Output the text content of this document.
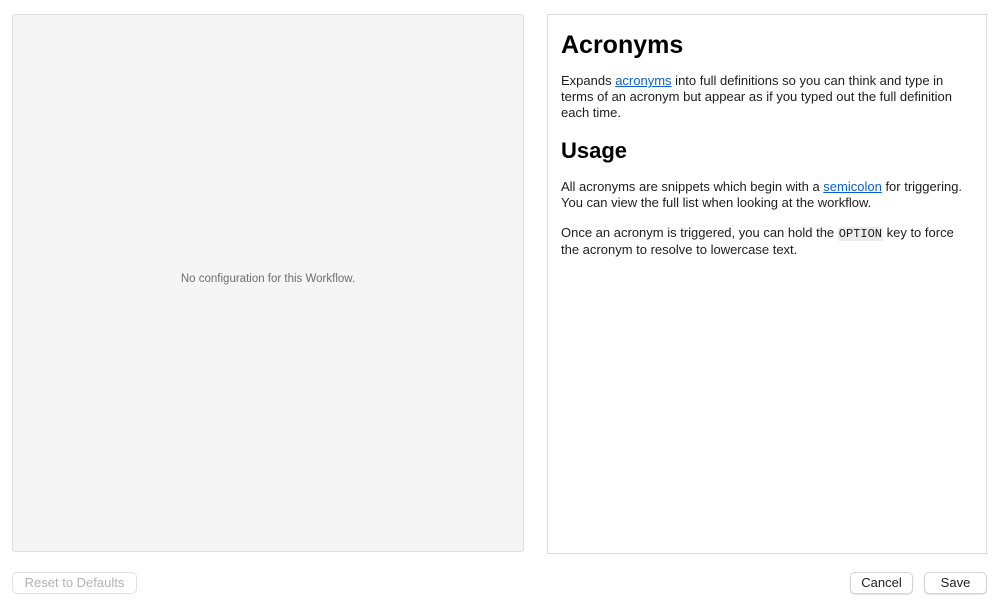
No configuration for this Workflow.
Acronyms

Expands acronyms into full definitions so you can think and type in terms of an acronym but appear as if you typed out the full definition each time.

Usage

All acronyms are snippets which begin with a semicolon for triggering. You can view the full list when looking at the workflow.

Once an acronym is triggered, you can hold the OPTION key to force the acronym to resolve to lowercase text.

Reset to Defaults	Cancel	Save
